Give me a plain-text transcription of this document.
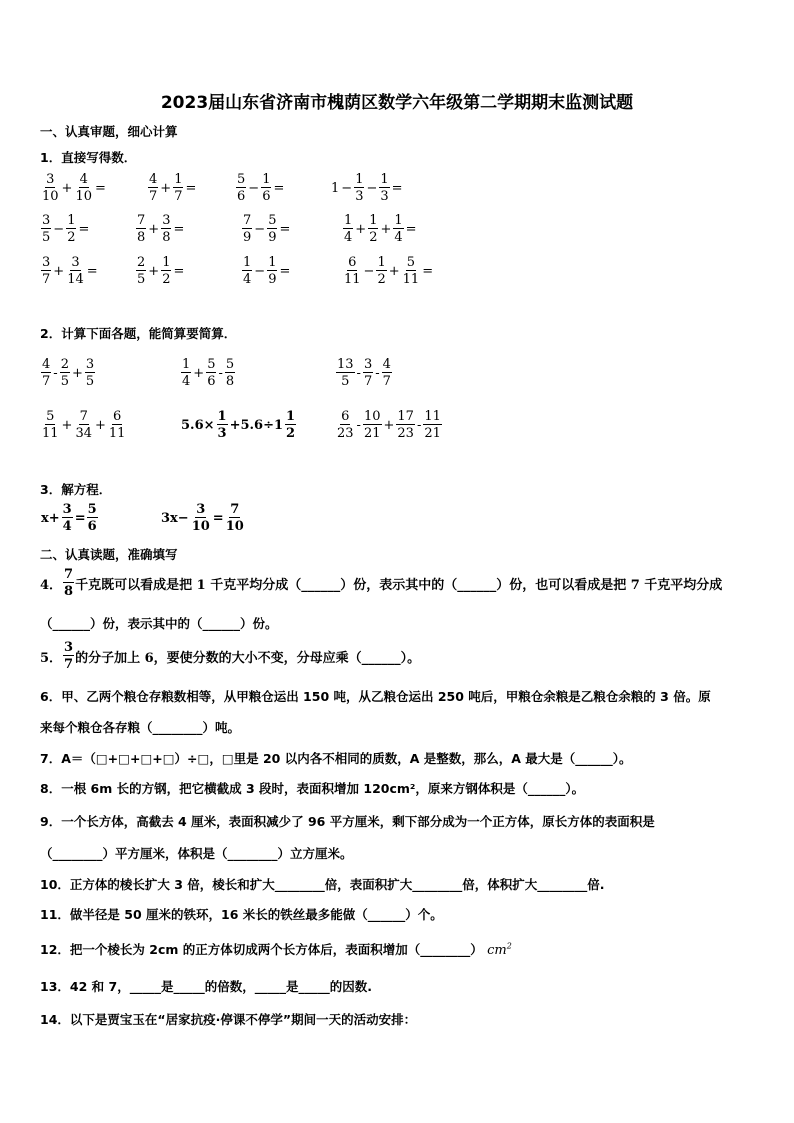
2023届山东省济南市槐荫区数学六年级第二学期期末监测试题
一、认真审题，细心计算
1．直接写得数．
2．计算下面各题，能简算要简算．
3．解方程．
二、认真读题，准确填写
4． $\frac{7}{8}$ 千克既可以看成是把 1 千克平均分成（______）份，表示其中的（______）份，也可以看成是把 7 千克平均分成
（______）份，表示其中的（______）份。
5． $\frac{3}{7}$ 的分子加上 6，要使分数的大小不变，分母应乘（______）。
6．甲、乙两个粮仓存粮数相等，从甲粮仓运出 150 吨，从乙粮仓运出 250 吨后，甲粮仓余粮是乙粮仓余粮的 3 倍。原
来每个粮仓各存粮（________）吨。
7．A＝（□+□+□+□）÷□，□里是 20 以内各不相同的质数，A 是整数，那么，A 最大是（______）。
8．一根 6m 长的方钢，把它横截成 3 段时，表面积增加 120cm²，原来方钢体积是（______）。
9．一个长方体，高截去 4 厘米，表面积减少了 96 平方厘米，剩下部分成为一个正方体，原长方体的表面积是
（________）平方厘米，体积是（________）立方厘米。
10．正方体的棱长扩大 3 倍，棱长和扩大________倍，表面积扩大________倍，体积扩大________倍.
11．做半径是 50 厘米的铁环，16 米长的铁丝最多能做（______）个。
12．把一个棱长为 2cm 的正方体切成两个长方体后，表面积增加（________） $cm^2$
13．42 和 7，_____是_____的倍数，_____是_____的因数.
14．以下是贾宝玉在“居家抗疫·停课不停学”期间一天的活动安排：
$\frac{3}{10} + \frac{4}{10}$ =	$\frac{4}{7} + \frac{1}{7}$ =	$\frac{5}{6} - \frac{1}{6}$ =	$1 - \frac{1}{3} - \frac{1}{3}$ =
$\frac{3}{5} - \frac{1}{2}$ =	$\frac{7}{8} + \frac{3}{8}$ =	$\frac{7}{9} - \frac{5}{9}$ =	$\frac{1}{4} + \frac{1}{2} + \frac{1}{4}$ =
$\frac{3}{7} + \frac{3}{14}$ =	$\frac{2}{5} + \frac{1}{2}$ =	$\frac{1}{4} - \frac{1}{9}$ =	$\frac{6}{11} - \frac{1}{2} + \frac{5}{11}$ =
$\frac{4}{7} - \frac{2}{5} + \frac{3}{5}$	$\frac{1}{4} + \frac{5}{6} - \frac{5}{8}$	$\frac{13}{5} - \frac{3}{7} - \frac{4}{7}$
$\frac{5}{11} + \frac{7}{34} + \frac{6}{11}$	$5.6\times \frac{1}{3} +5.6\div 1 \frac{1}{2}$	$\frac{6}{23} - \frac{10}{21} + \frac{17}{23} - \frac{11}{21}$
$x+ \frac{3}{4} = \frac{5}{6}$	$3x- \frac{3}{10} = \frac{7}{10}$
